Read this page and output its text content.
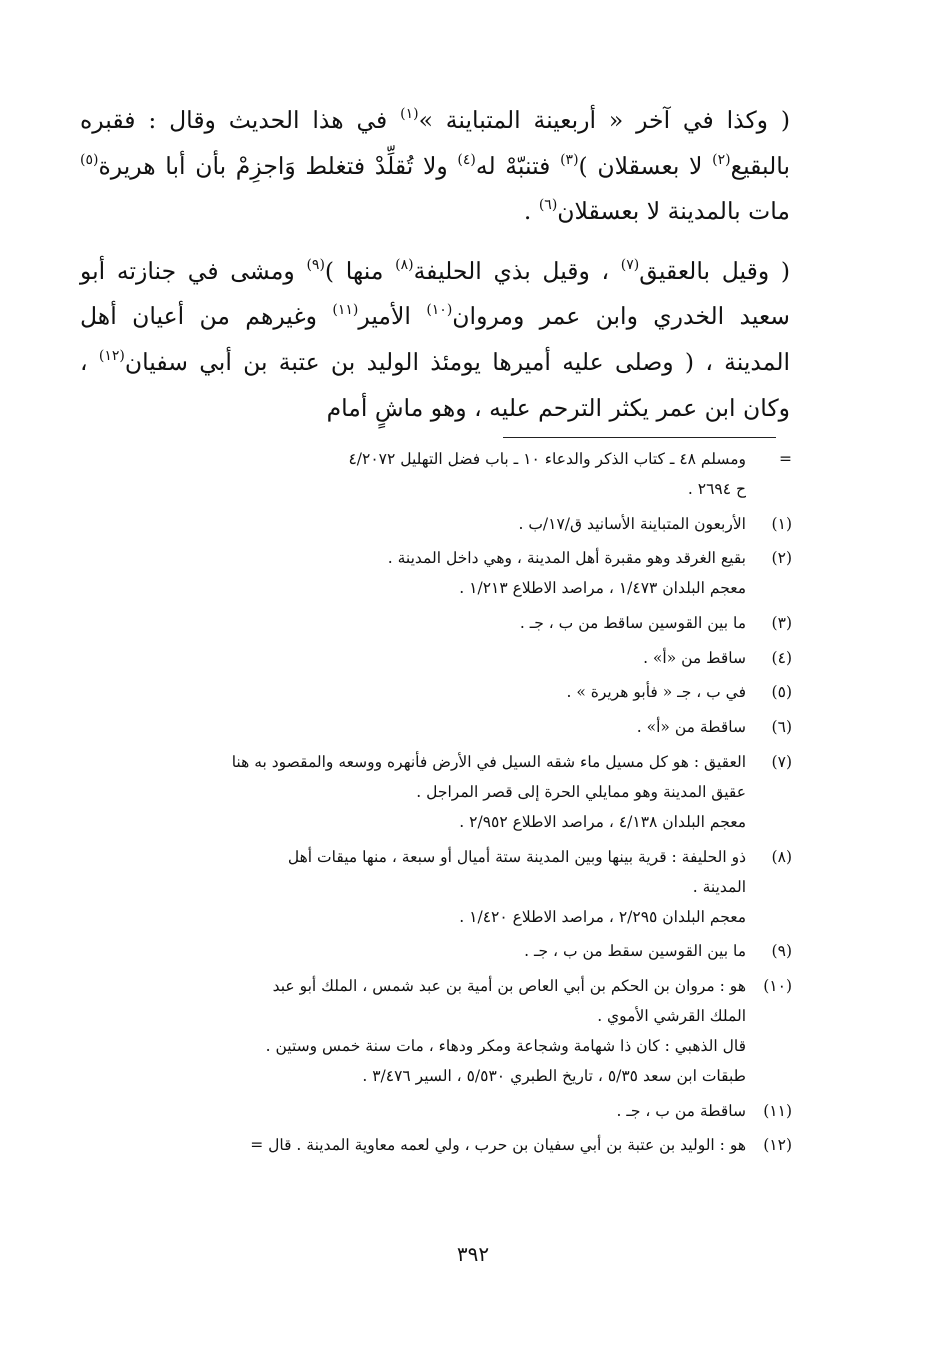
( وكذا في آخر « أربعينة المتباينة »$^{(١)}$ في هذا الحديث وقال : فقبره بالبقيع$^{(٢)}$ لا بعسقلان )$^{(٣)}$ فتنبّهْ له$^{(٤)}$ ولا تُقلِّدْ فتغلط وَاجزِمْ بأن أبا هريرة$^{(٥)}$ مات بالمدينة لا بعسقلان$^{(٦)}$ .

( وقيل بالعقيق$^{(٧)}$ ، وقيل بذي الحليفة$^{(٨)}$ منها )$^{(٩)}$ ومشى في جنازته أبو سعيد الخدري وابن عمر ومروان$^{(١٠)}$ الأمير$^{(١١)}$ وغيرهم من أعيان أهل المدينة ، ( وصلى عليه أميرها يومئذ الوليد بن عتبة بن أبي سفيان$^{(١٢)}$ ، وكان ابن عمر يكثر الترحم عليه ، وهو ماشٍ أمام

=
ومسلم ٤٨ ـ كتاب الذكر والدعاء ١٠ ـ باب فضل التهليل ٤/٢٠٧٢
ح ٢٦٩٤ .
(١)
الأربعون المتباينة الأسانيد ق/١٧/ب .
(٢)
بقيع الغرقد وهو مقبرة أهل المدينة ، وهي داخل المدينة .
معجم البلدان ١/٤٧٣ ، مراصد الاطلاع ١/٢١٣ .
(٣)
ما بين القوسين ساقط من ب ، جـ .
(٤)
ساقط من «أ» .
(٥)
في ب ، جـ « فأبو هريرة » .
(٦)
ساقطة من «أ» .
(٧)
العقيق : هو كل مسيل ماء شقه السيل في الأرض فأنهره ووسعه والمقصود به هنا
عقيق المدينة وهو ممايلي الحرة إلى قصر المراجل .
معجم البلدان ٤/١٣٨ ، مراصد الاطلاع ٢/٩٥٢ .
(٨)
ذو الحليفة : قرية بينها وبين المدينة ستة أميال أو سبعة ، منها ميقات أهل
المدينة .
معجم البلدان ٢/٢٩٥ ، مراصد الاطلاع ١/٤٢٠ .
(٩)
ما بين القوسين سقط من ب ، جـ .
(١٠)
هو : مروان بن الحكم بن أبي العاص بن أمية بن عبد شمس ، الملك أبو عبد
الملك القرشي الأموي .
قال الذهبي : كان ذا شهامة وشجاعة ومكر ودهاء ، مات سنة خمس وستين .
طبقات ابن سعد ٥/٣٥ ، تاريخ الطبري ٥/٥٣٠ ، السير ٣/٤٧٦ .
(١١)
ساقطة من ب ، جـ .
(١٢)
هو : الوليد بن عتبة بن أبي سفيان بن حرب ، ولي لعمه معاوية المدينة . قال =
٣٩٢
